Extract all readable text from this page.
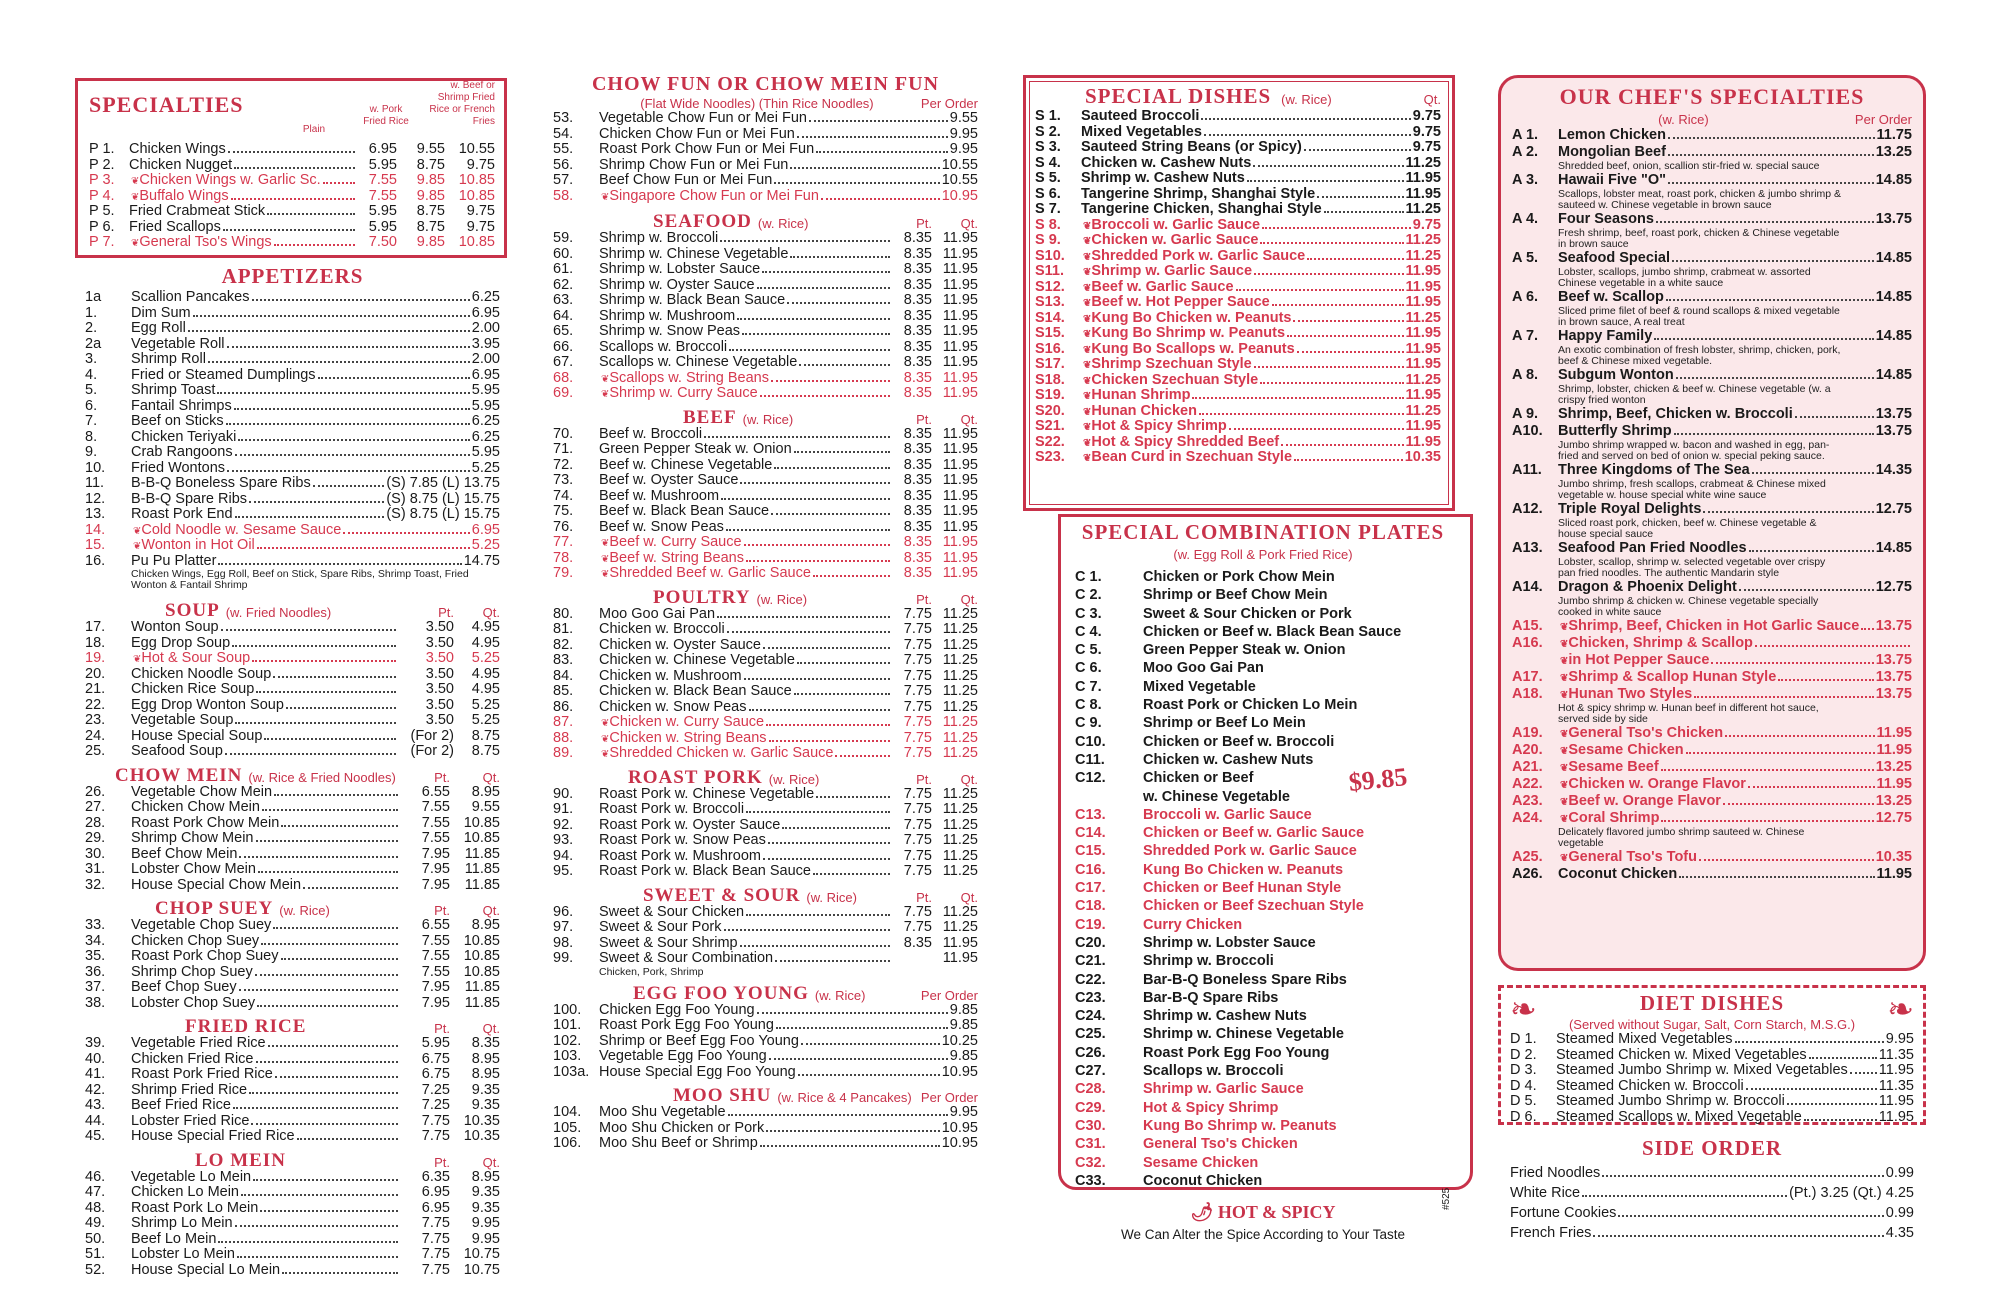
SPECIALTIES
Plain
w. Pork Fried Rice
w. Beef or Shrimp Fried Rice or French Fries
P 1. Chicken Wings	6.95	9.55 10.55
P 2. Chicken Nugget	5.95	8.75	9.75
P 3.	❦ Chicken Wings w. Garlic Sc.	7.55	9.85 10.85
P 4.	❦ Buffalo Wings	7.55	9.85 10.85
P 5. Fried Crabmeat Stick	5.95	8.75	9.75
P 6. Fried Scallops	5.95	8.75	9.75
P 7.	❦ General Tso's Wings	7.50	9.85 10.85
APPETIZERS
1a	Scallion Pancakes	6.25
1.	Dim Sum	6.95
2.	Egg Roll	2.00
2a	Vegetable Roll	3.95
3.	Shrimp Roll	2.00
4.	Fried or Steamed Dumplings	6.95
5.	Shrimp Toast	5.95
6.	Fantail Shrimps	5.95
7.	Beef on Sticks	6.25
8.	Chicken Teriyaki	6.25
9.	Crab Rangoons	5.95
10.	Fried Wontons	5.25
11.	B-B-Q Boneless Spare Ribs	(S) 7.85 (L) 13.75
12.	B-B-Q Spare Ribs	(S) 8.75 (L) 15.75
13.	Roast Pork End	(S) 8.75 (L) 15.75
14.	❦ Cold Noodle w. Sesame Sauce	6.95
15.	❦ Wonton in Hot Oil	5.25
16.	Pu Pu Platter	14.75
Chicken Wings, Egg Roll, Beef on Stick, Spare Ribs, Shrimp Toast, Fried Wonton & Fantail Shrimp
SOUP (w. Fried Noodles)	Pt.	Qt.
17.	Wonton Soup	3.50	4.95
18.	Egg Drop Soup	3.50	4.95
19.	❦ Hot & Sour Soup	3.50	5.25
20.	Chicken Noodle Soup	3.50	4.95
21.	Chicken Rice Soup	3.50	4.95
22.	Egg Drop Wonton Soup	3.50	5.25
23.	Vegetable Soup	3.50	5.25
24.	House Special Soup	(For 2)	8.75
25.	Seafood Soup	(For 2)	8.75
CHOW MEIN (w. Rice & Fried Noodles)	Pt.	Qt.
26.	Vegetable Chow Mein	6.55	8.95
27.	Chicken Chow Mein	7.55	9.55
28.	Roast Pork Chow Mein	7.55 10.85
29.	Shrimp Chow Mein	7.55 10.85
30.	Beef Chow Mein	7.95	11.85
31.	Lobster Chow Mein	7.95	11.85
32.	House Special Chow Mein	7.95	11.85
CHOP SUEY (w. Rice)	Pt.	Qt.
33.	Vegetable Chop Suey	6.55	8.95
34.	Chicken Chop Suey	7.55 10.85
35.	Roast Pork Chop Suey	7.55 10.85
36.	Shrimp Chop Suey	7.55 10.85
37.	Beef Chop Suey	7.95	11.85
38.	Lobster Chop Suey	7.95	11.85
FRIED RICE	Pt.	Qt.
39.	Vegetable Fried Rice	5.95	8.35
40.	Chicken Fried Rice	6.75	8.95
41.	Roast Pork Fried Rice	6.75	8.95
42.	Shrimp Fried Rice	7.25	9.35
43.	Beef Fried Rice	7.25	9.35
44.	Lobster Fried Rice	7.75 10.35
45.	House Special Fried Rice	7.75 10.35
LO MEIN	Pt.	Qt.
46.	Vegetable Lo Mein	6.35	8.95
47.	Chicken Lo Mein	6.95	9.35
48.	Roast Pork Lo Mein	6.95	9.35
49.	Shrimp Lo Mein	7.75	9.95
50.	Beef Lo Mein	7.75	9.95
51.	Lobster Lo Mein	7.75 10.75
52.	House Special Lo Mein	7.75 10.75
CHOW FUN OR CHOW MEIN FUN
(Flat Wide Noodles) (Thin Rice Noodles)	Per Order
53.	Vegetable Chow Fun or Mei Fun	9.55
54.	Chicken Chow Fun or Mei Fun	9.95
55.	Roast Pork Chow Fun or Mei Fun	9.95
56.	Shrimp Chow Fun or Mei Fun	10.55
57.	Beef Chow Fun or Mei Fun	10.55
58.	❦ Singapore Chow Fun or Mei Fun	10.95
SEAFOOD (w. Rice)	Pt.	Qt.
59.	Shrimp w. Broccoli	8.35 11.95
60.	Shrimp w. Chinese Vegetable	8.35 11.95
61.	Shrimp w. Lobster Sauce	8.35 11.95
62.	Shrimp w. Oyster Sauce	8.35 11.95
63.	Shrimp w. Black Bean Sauce	8.35 11.95
64.	Shrimp w. Mushroom	8.35 11.95
65.	Shrimp w. Snow Peas	8.35 11.95
66.	Scallops w. Broccoli	8.35 11.95
67.	Scallops w. Chinese Vegetable	8.35 11.95
68.	❦ Scallops w. String Beans	8.35 11.95
69.	❦ Shrimp w. Curry Sauce	8.35 11.95
BEEF (w. Rice)	Pt.	Qt.
70.	Beef w. Broccoli	8.35 11.95
71.	Green Pepper Steak w. Onion	8.35 11.95
72.	Beef w. Chinese Vegetable	8.35 11.95
73.	Beef w. Oyster Sauce	8.35 11.95
74.	Beef w. Mushroom	8.35 11.95
75.	Beef w. Black Bean Sauce	8.35 11.95
76.	Beef w. Snow Peas	8.35 11.95
77.	❦ Beef w. Curry Sauce	8.35 11.95
78.	❦ Beef w. String Beans	8.35 11.95
79.	❦ Shredded Beef w. Garlic Sauce	8.35 11.95
POULTRY (w. Rice)	Pt.	Qt.
80.	Moo Goo Gai Pan	7.75 11.25
81.	Chicken w. Broccoli	7.75 11.25
82.	Chicken w. Oyster Sauce	7.75 11.25
83.	Chicken w. Chinese Vegetable	7.75 11.25
84.	Chicken w. Mushroom	7.75 11.25
85.	Chicken w. Black Bean Sauce	7.75 11.25
86.	Chicken w. Snow Peas	7.75 11.25
87.	❦ Chicken w. Curry Sauce	7.75 11.25
88.	❦ Chicken w. String Beans	7.75 11.25
89.	❦ Shredded Chicken w. Garlic Sauce	7.75 11.25
ROAST PORK (w. Rice)	Pt.	Qt.
90.	Roast Pork w. Chinese Vegetable	7.75 11.25
91.	Roast Pork w. Broccoli	7.75 11.25
92.	Roast Pork w. Oyster Sauce	7.75 11.25
93.	Roast Pork w. Snow Peas	7.75 11.25
94.	Roast Pork w. Mushroom	7.75 11.25
95.	Roast Pork w. Black Bean Sauce	7.75 11.25
SWEET & SOUR (w. Rice)	Pt.	Qt.
96.	Sweet & Sour Chicken	7.75 11.25
97.	Sweet & Sour Pork	7.75 11.25
98.	Sweet & Sour Shrimp	8.35 11.95
99.	Sweet & Sour Combination	11.95
Chicken, Pork, Shrimp
EGG FOO YOUNG (w. Rice)	Per Order
100.	Chicken Egg Foo Young	9.85
101.	Roast Pork Egg Foo Young	9.85
102.	Shrimp or Beef Egg Foo Young	10.25
103.	Vegetable Egg Foo Young	9.85
103a. House Special Egg Foo Young	10.95
MOO SHU (w. Rice & 4 Pancakes) Per Order
104.	Moo Shu Vegetable	9.95
105.	Moo Shu Chicken or Pork	10.95
106.	Moo Shu Beef or Shrimp	10.95
SPECIAL DISHES (w. Rice)	Qt.
S 1.	Sauteed Broccoli	9.75
S 2.	Mixed Vegetables	9.75
S 3.	Sauteed String Beans (or Spicy)	9.75
S 4.	Chicken w. Cashew Nuts	11.25
S 5.	Shrimp w. Cashew Nuts	11.95
S 6.	Tangerine Shrimp, Shanghai Style	11.95
S 7.	Tangerine Chicken, Shanghai Style	11.25
S 8.	❦ Broccoli w. Garlic Sauce	9.75
S 9.	❦ Chicken w. Garlic Sauce	11.25
S10.	❦ Shredded Pork w. Garlic Sauce	11.25
S11.	❦ Shrimp w. Garlic Sauce	11.95
S12.	❦ Beef w. Garlic Sauce	11.95
S13.	❦ Beef w. Hot Pepper Sauce	11.95
S14.	❦ Kung Bo Chicken w. Peanuts	11.25
S15.	❦ Kung Bo Shrimp w. Peanuts	11.95
S16.	❦ Kung Bo Scallops w. Peanuts	11.95
S17.	❦ Shrimp Szechuan Style	11.95
S18.	❦ Chicken Szechuan Style	11.25
S19.	❦ Hunan Shrimp	11.95
S20.	❦ Hunan Chicken	11.25
S21.	❦ Hot & Spicy Shrimp	11.95
S22.	❦ Hot & Spicy Shredded Beef	11.95
S23.	❦ Bean Curd in Szechuan Style	10.35
SPECIAL COMBINATION PLATES
(w. Egg Roll & Pork Fried Rice)
C 1.	Chicken or Pork Chow Mein
C 2.	Shrimp or Beef Chow Mein
C 3.	Sweet & Sour Chicken or Pork
C 4.	Chicken or Beef w. Black Bean Sauce
C 5.	Green Pepper Steak w. Onion
C 6.	Moo Goo Gai Pan
C 7.	Mixed Vegetable
C 8.	Roast Pork or Chicken Lo Mein
C 9.	Shrimp or Beef Lo Mein
C10.	Chicken or Beef w. Broccoli
C11.	Chicken w. Cashew Nuts
C12.	Chicken or Beef
w. Chinese Vegetable
C13.	Broccoli w. Garlic Sauce
C14.	Chicken or Beef w. Garlic Sauce
C15.	Shredded Pork w. Garlic Sauce
C16.	Kung Bo Chicken w. Peanuts
C17.	Chicken or Beef Hunan Style
C18.	Chicken or Beef Szechuan Style
C19.	Curry Chicken
C20.	Shrimp w. Lobster Sauce
C21.	Shrimp w. Broccoli
C22.	Bar-B-Q Boneless Spare Ribs
C23.	Bar-B-Q Spare Ribs
C24.	Shrimp w. Cashew Nuts
C25.	Shrimp w. Chinese Vegetable
C26.	Roast Pork Egg Foo Young
C27.	Scallops w. Broccoli
C28.	Shrimp w. Garlic Sauce
C29.	Hot & Spicy Shrimp
C30.	Kung Bo Shrimp w. Peanuts
C31.	General Tso's Chicken
C32.	Sesame Chicken
C33.	Coconut Chicken
$9.85
🌶 HOT & SPICY
We Can Alter the Spice According to Your Taste
#525
OUR CHEF'S SPECIALTIES
(w. Rice)	Per Order
A 1.	Lemon Chicken	11.75
A 2.	Mongolian Beef	13.25
Shredded beef, onion, scallion stir-fried w. special sauce
A 3.	Hawaii Five "O"	14.85
Scallops, lobster meat, roast pork, chicken & jumbo shrimp & sauteed w. Chinese vegetable in brown sauce
A 4.	Four Seasons	13.75
Fresh shrimp, beef, roast pork, chicken & Chinese vegetable in brown sauce
A 5.	Seafood Special	14.85
Lobster, scallops, jumbo shrimp, crabmeat w. assorted Chinese vegetable in a white sauce
A 6.	Beef w. Scallop	14.85
Sliced prime filet of beef & round scallops & mixed vegetable in brown sauce, A real treat
A 7.	Happy Family	14.85
An exotic combination of fresh lobster, shrimp, chicken, pork, beef & Chinese mixed vegetable.
A 8.	Subgum Wonton	14.85
Shrimp, lobster, chicken & beef w. Chinese vegetable (w. a crispy fried wonton
A 9.	Shrimp, Beef, Chicken w. Broccoli	13.75
A10.	Butterfly Shrimp	13.75
Jumbo shrimp wrapped w. bacon and washed in egg, pan-fried and served on bed of onion w. special peking sauce.
A11.	Three Kingdoms of The Sea	14.35
Jumbo shrimp, fresh scallops, crabmeat & Chinese mixed vegetable w. house special white wine sauce
A12.	Triple Royal Delights	12.75
Sliced roast pork, chicken, beef w. Chinese vegetable & house special sauce
A13.	Seafood Pan Fried Noodles	14.85
Lobster, scallop, shrimp w. selected vegetable over crispy pan fried noodles. The authentic Mandarin style
A14.	Dragon & Phoenix Delight	12.75
Jumbo shrimp & chicken w. Chinese vegetable specially cooked in white sauce
A15.	❦ Shrimp, Beef, Chicken in Hot Garlic Sauce 13.75
A16.	❦ Chicken, Shrimp & Scallop
❦ in Hot Pepper Sauce	13.75
A17.	❦ Shrimp & Scallop Hunan Style	13.75
A18.	❦ Hunan Two Styles	13.75
Hot & spicy shrimp w. Hunan beef in different hot sauce, served side by side
A19.	❦ General Tso's Chicken	11.95
A20.	❦ Sesame Chicken	11.95
A21.	❦ Sesame Beef	13.25
A22.	❦ Chicken w. Orange Flavor	11.95
A23.	❦ Beef w. Orange Flavor	13.25
A24.	❦ Coral Shrimp	12.75
Delicately flavored jumbo shrimp sauteed w. Chinese vegetable
A25.	❦ General Tso's Tofu	10.35
A26.	Coconut Chicken	11.95
❧	DIET DISHES
(Served without Sugar, Salt, Corn Starch, M.S.G.)	❧
D 1.	Steamed Mixed Vegetables	9.95
D 2.	Steamed Chicken w. Mixed Vegetables	11.35
D 3.	Steamed Jumbo Shrimp w. Mixed Vegetables 11.95
D 4.	Steamed Chicken w. Broccoli	11.35
D 5.	Steamed Jumbo Shrimp w. Broccoli	11.95
D 6.	Steamed Scallops w. Mixed Vegetable	11.95
SIDE ORDER
Fried Noodles	0.99
White Rice	(Pt.) 3.25 (Qt.) 4.25
Fortune Cookies	0.99
French Fries	4.35
